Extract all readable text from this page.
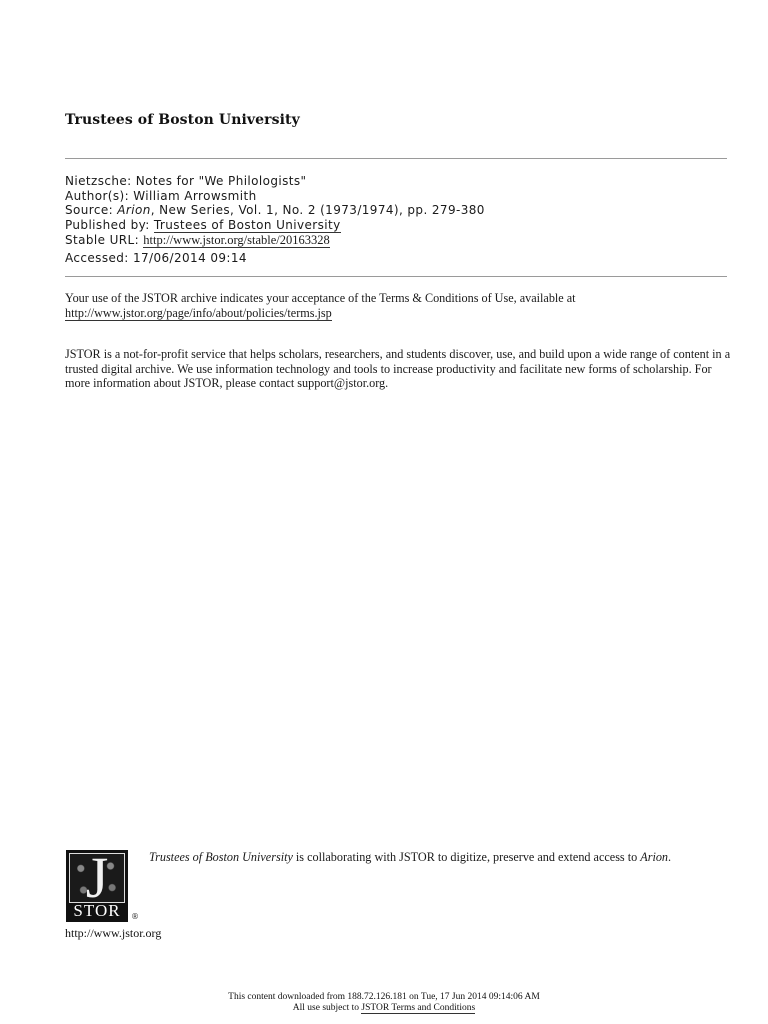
Trustees of Boston University
Nietzsche: Notes for "We Philologists"
Author(s): William Arrowsmith
Source: Arion, New Series, Vol. 1, No. 2 (1973/1974), pp. 279-380
Published by: Trustees of Boston University
Stable URL: http://www.jstor.org/stable/20163328
Accessed: 17/06/2014 09:14
Your use of the JSTOR archive indicates your acceptance of the Terms & Conditions of Use, available at
http://www.jstor.org/page/info/about/policies/terms.jsp
JSTOR is a not-for-profit service that helps scholars, researchers, and students discover, use, and build upon a wide range of content in a trusted digital archive. We use information technology and tools to increase productivity and facilitate new forms of scholarship. For more information about JSTOR, please contact support@jstor.org.
J
STOR	®
http://www.jstor.org
Trustees of Boston University is collaborating with JSTOR to digitize, preserve and extend access to Arion.
This content downloaded from 188.72.126.181 on Tue, 17 Jun 2014 09:14:06 AM
All use subject to JSTOR Terms and Conditions
